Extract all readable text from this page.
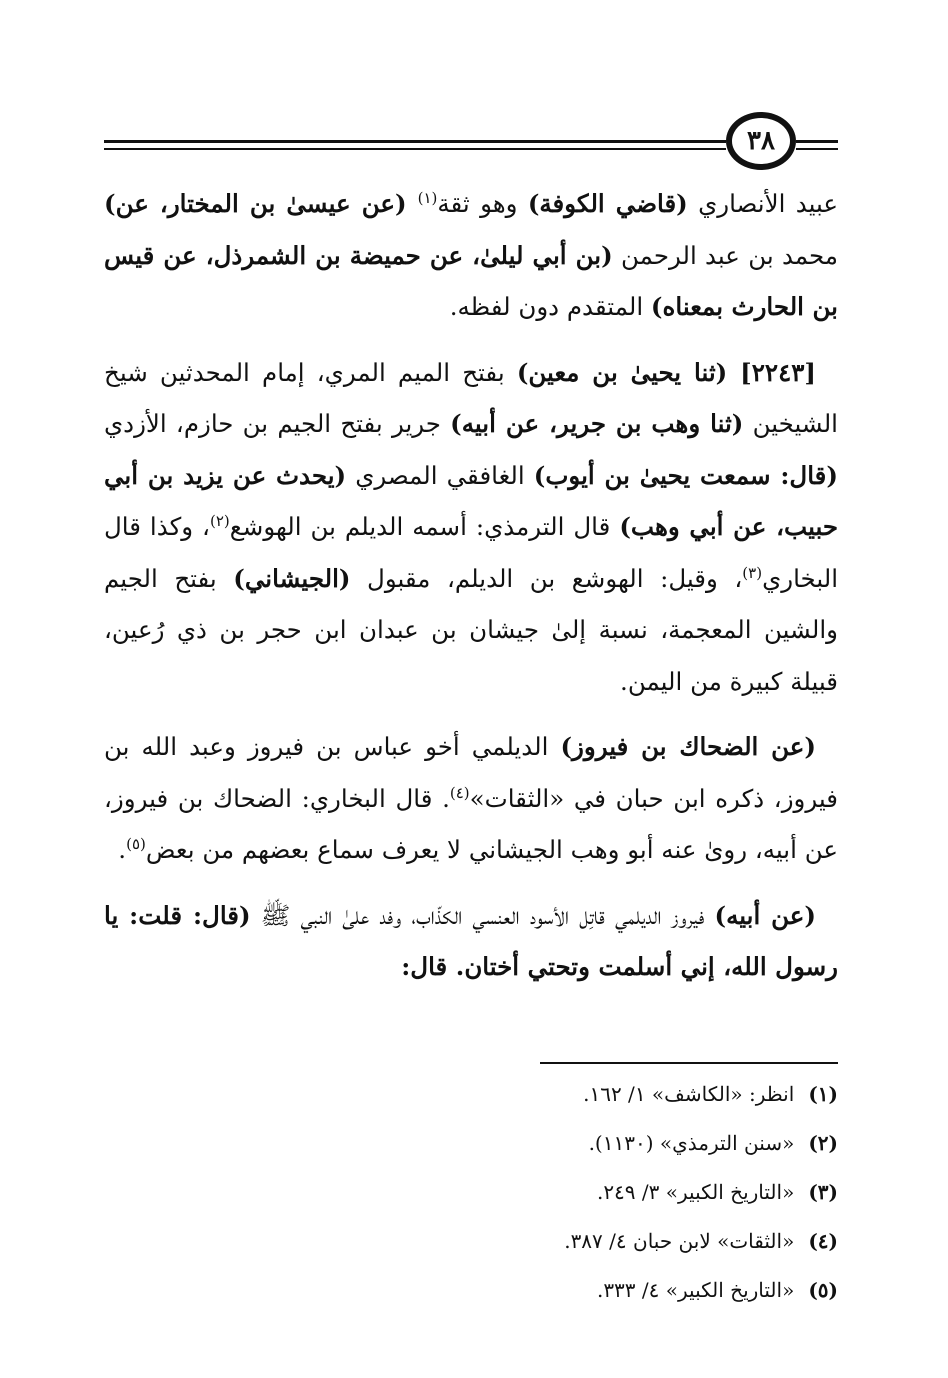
٣٨

عبيد الأنصاري (قاضي الكوفة) وهو ثقة$^{(١)}$ (عن عيسىٰ بن المختار، عن) محمد بن عبد الرحمن (بن أبي ليلىٰ، عن حميضة بن الشمرذل، عن قيس بن الحارث بمعناه) المتقدم دون لفظه.

[٢٢٤٣] (ثنا يحيىٰ بن معين) بفتح الميم المري، إمام المحدثين شيخ الشيخين (ثنا وهب بن جرير، عن أبيه) جرير بفتح الجيم بن حازم، الأزدي (قال: سمعت يحيىٰ بن أيوب) الغافقي المصري (يحدث عن يزيد بن أبي حبيب، عن أبي وهب) قال الترمذي: أسمه الديلم بن الهوشع$^{(٢)}$، وكذا قال البخاري$^{(٣)}$، وقيل: الهوشع بن الديلم، مقبول (الجيشاني) بفتح الجيم والشين المعجمة، نسبة إلىٰ جيشان بن عبدان ابن حجر بن ذي رُعين، قبيلة كبيرة من اليمن.

(عن الضحاك بن فيروز) الديلمي أخو عباس بن فيروز وعبد الله بن فيروز، ذكره ابن حبان في «الثقات»$^{(٤)}$. قال البخاري: الضحاك بن فيروز، عن أبيه، روىٰ عنه أبو وهب الجيشاني لا يعرف سماع بعضهم من بعض$^{(٥)}$.

(عن أبيه) فيروز الديلمي قاتِل الأسود العنسي الكذّاب، وفد علىٰ النبي ﷺ (قال: قلت: يا رسول الله، إني أسلمت وتحتي أختان. قال:

(١)انظر: «الكاشف» ١/ ١٦٢.
(٢)«سنن الترمذي» (١١٣٠).
(٣)«التاريخ الكبير» ٣/ ٢٤٩.
(٤)«الثقات» لابن حبان ٤/ ٣٨٧.
(٥)«التاريخ الكبير» ٤/ ٣٣٣.
